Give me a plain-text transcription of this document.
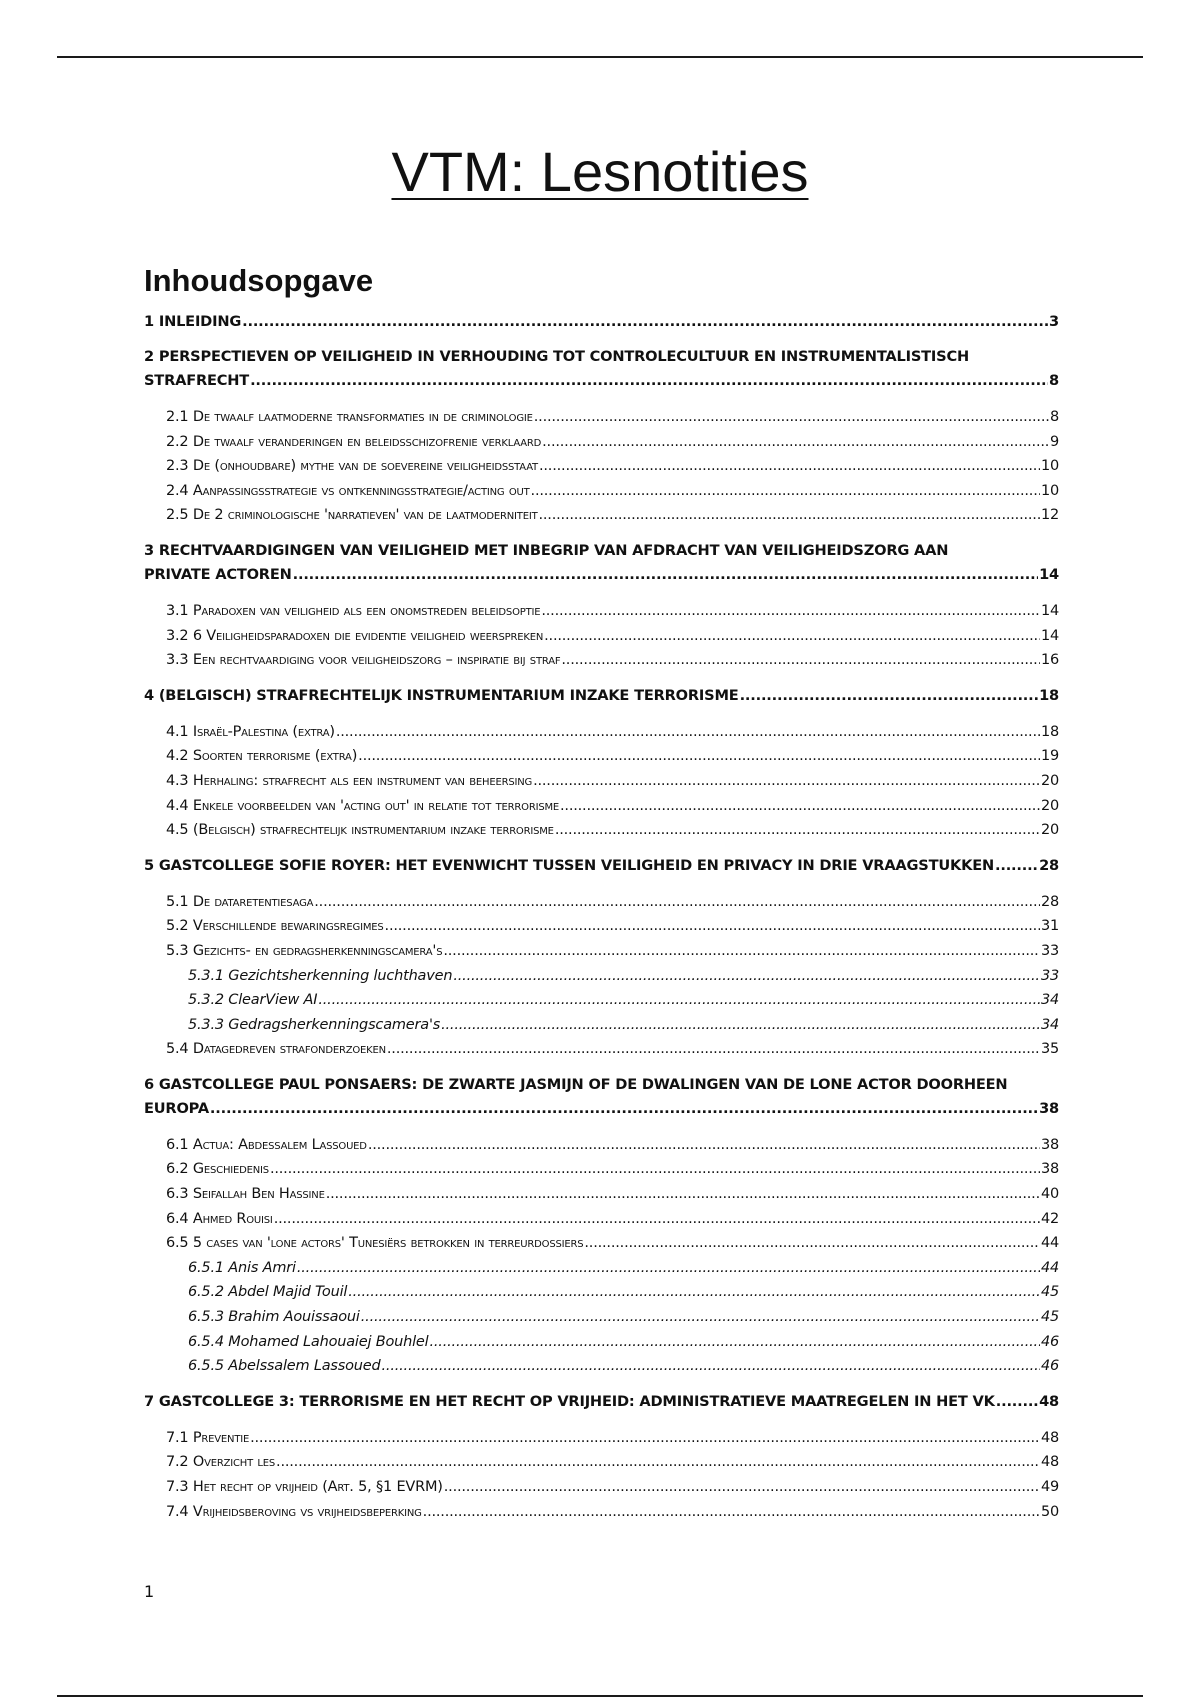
VTM: Lesnotities
Inhoudsopgave
1 INLEIDING .....	3
2 PERSPECTIEVEN OP VEILIGHEID IN VERHOUDING TOT CONTROLECULTUUR EN INSTRUMENTALISTISCH
STRAFRECHT .....	8
2.1 De twaalf laatmoderne transformaties in de criminologie .....	8
2.2 De twaalf veranderingen en beleidsschizofrenie verklaard .....	9
2.3 De (onhoudbare) mythe van de soevereine veiligheidsstaat .....	10
2.4 Aanpassingsstrategie vs ontkenningsstrategie/acting out .....	10
2.5 De 2 criminologische 'narratieven' van de laatmoderniteit .....	12
3 RECHTVAARDIGINGEN VAN VEILIGHEID MET INBEGRIP VAN AFDRACHT VAN VEILIGHEIDSZORG AAN
PRIVATE ACTOREN .....	14
3.1 Paradoxen van veiligheid als een onomstreden beleidsoptie .....	14
3.2 6 Veiligheidsparadoxen die evidentie veiligheid weerspreken .....	14
3.3 Een rechtvaardiging voor veiligheidszorg – inspiratie bij straf .....	16
4 (BELGISCH) STRAFRECHTELIJK INSTRUMENTARIUM INZAKE TERRORISME .....	18
4.1 Israël-Palestina (extra) .....	18
4.2 Soorten terrorisme (extra) .....	19
4.3 Herhaling: strafrecht als een instrument van beheersing .....	20
4.4 Enkele voorbeelden van 'acting out' in relatie tot terrorisme .....	20
4.5 (Belgisch) strafrechtelijk instrumentarium inzake terrorisme .....	20
5 GASTCOLLEGE SOFIE ROYER: HET EVENWICHT TUSSEN VEILIGHEID EN PRIVACY IN DRIE VRAAGSTUKKEN .....	28
5.1 De dataretentiesaga .....	28
5.2 Verschillende bewaringsregimes .....	31
5.3 Gezichts- en gedragsherkenningscamera's .....	33
5.3.1 Gezichtsherkenning luchthaven .....	33
5.3.2 ClearView AI .....	34
5.3.3 Gedragsherkenningscamera's .....	34
5.4 Datagedreven strafonderzoeken .....	35
6 GASTCOLLEGE PAUL PONSAERS: DE ZWARTE JASMIJN OF DE DWALINGEN VAN DE LONE ACTOR DOORHEEN
EUROPA .....	38
6.1 Actua: Abdessalem Lassoued .....	38
6.2 Geschiedenis .....	38
6.3 Seifallah Ben Hassine .....	40
6.4 Ahmed Rouisi .....	42
6.5 5 cases van 'lone actors' Tunesiërs betrokken in terreurdossiers .....	44
6.5.1 Anis Amri .....	44
6.5.2 Abdel Majid Touil .....	45
6.5.3 Brahim Aouissaoui .....	45
6.5.4 Mohamed Lahouaiej Bouhlel .....	46
6.5.5 Abelssalem Lassoued .....	46
7 GASTCOLLEGE 3: TERRORISME EN HET RECHT OP VRIJHEID: ADMINISTRATIEVE MAATREGELEN IN HET VK .....	48
7.1 Preventie .....	48
7.2 Overzicht les .....	48
7.3 Het recht op vrijheid (Art. 5, §1 EVRM) .....	49
7.4 Vrijheidsberoving vs vrijheidsbeperking .....	50
1
